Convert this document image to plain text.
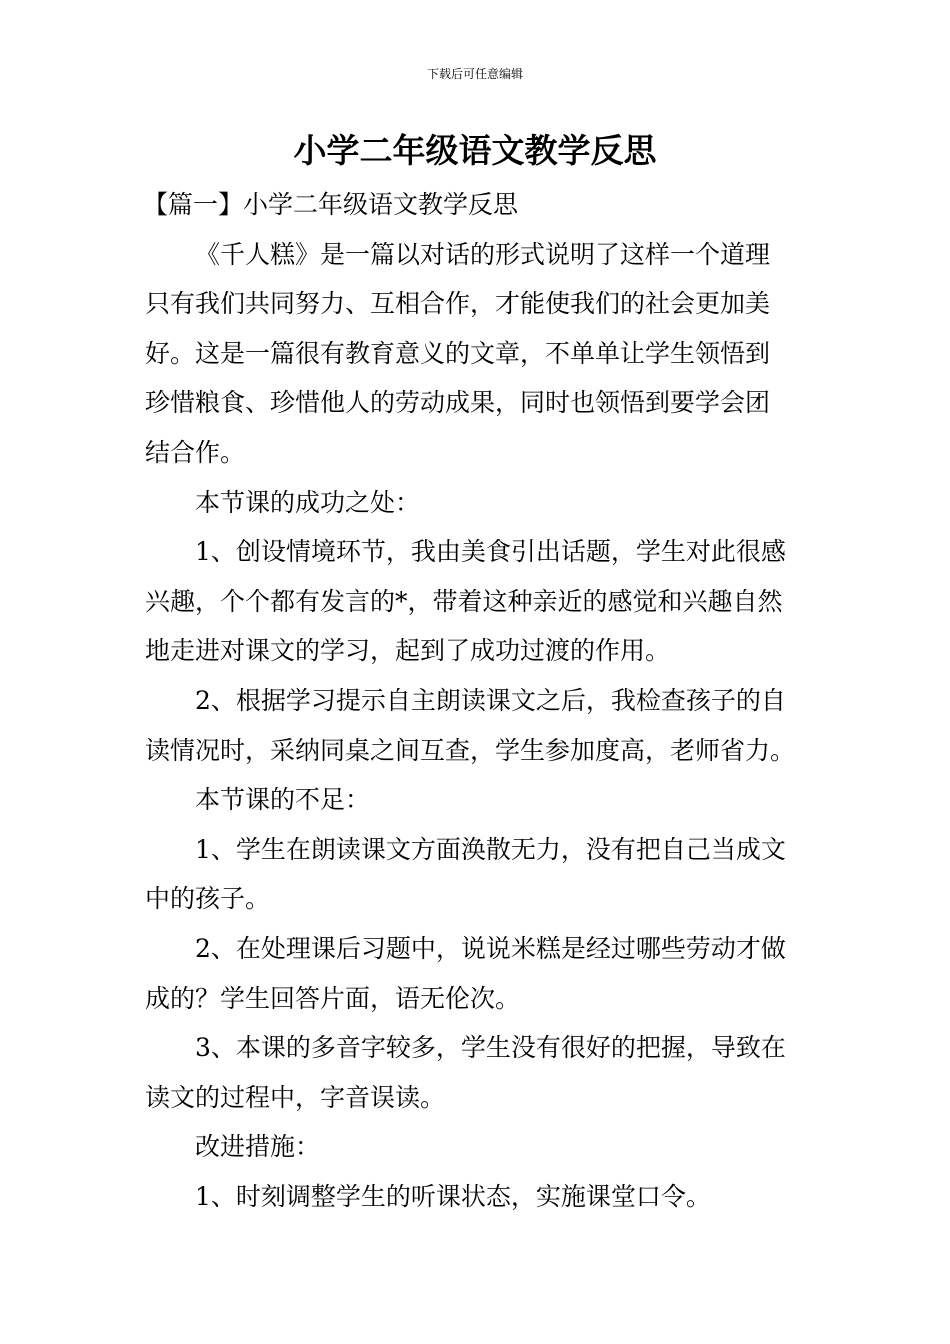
下载后可任意编辑
小学二年级语文教学反思

【篇一】小学二年级语文教学反思

《千人糕》是一篇以对话的形式说明了这样一个道理

只有我们共同努力、互相合作，才能使我们的社会更加美

好。这是一篇很有教育意义的文章，不单单让学生领悟到

珍惜粮食、珍惜他人的劳动成果，同时也领悟到要学会团

结合作。

本节课的成功之处：

1、创设情境环节，我由美食引出话题，学生对此很感

兴趣，个个都有发言的*，带着这种亲近的感觉和兴趣自然

地走进对课文的学习，起到了成功过渡的作用。

2、根据学习提示自主朗读课文之后，我检查孩子的自

读情况时，采纳同桌之间互查，学生参加度高，老师省力。

本节课的不足：

1、学生在朗读课文方面涣散无力，没有把自己当成文

中的孩子。

2、在处理课后习题中，说说米糕是经过哪些劳动才做

成的？学生回答片面，语无伦次。

3、本课的多音字较多，学生没有很好的把握，导致在

读文的过程中，字音误读。

改进措施：

1、时刻调整学生的听课状态，实施课堂口令。
